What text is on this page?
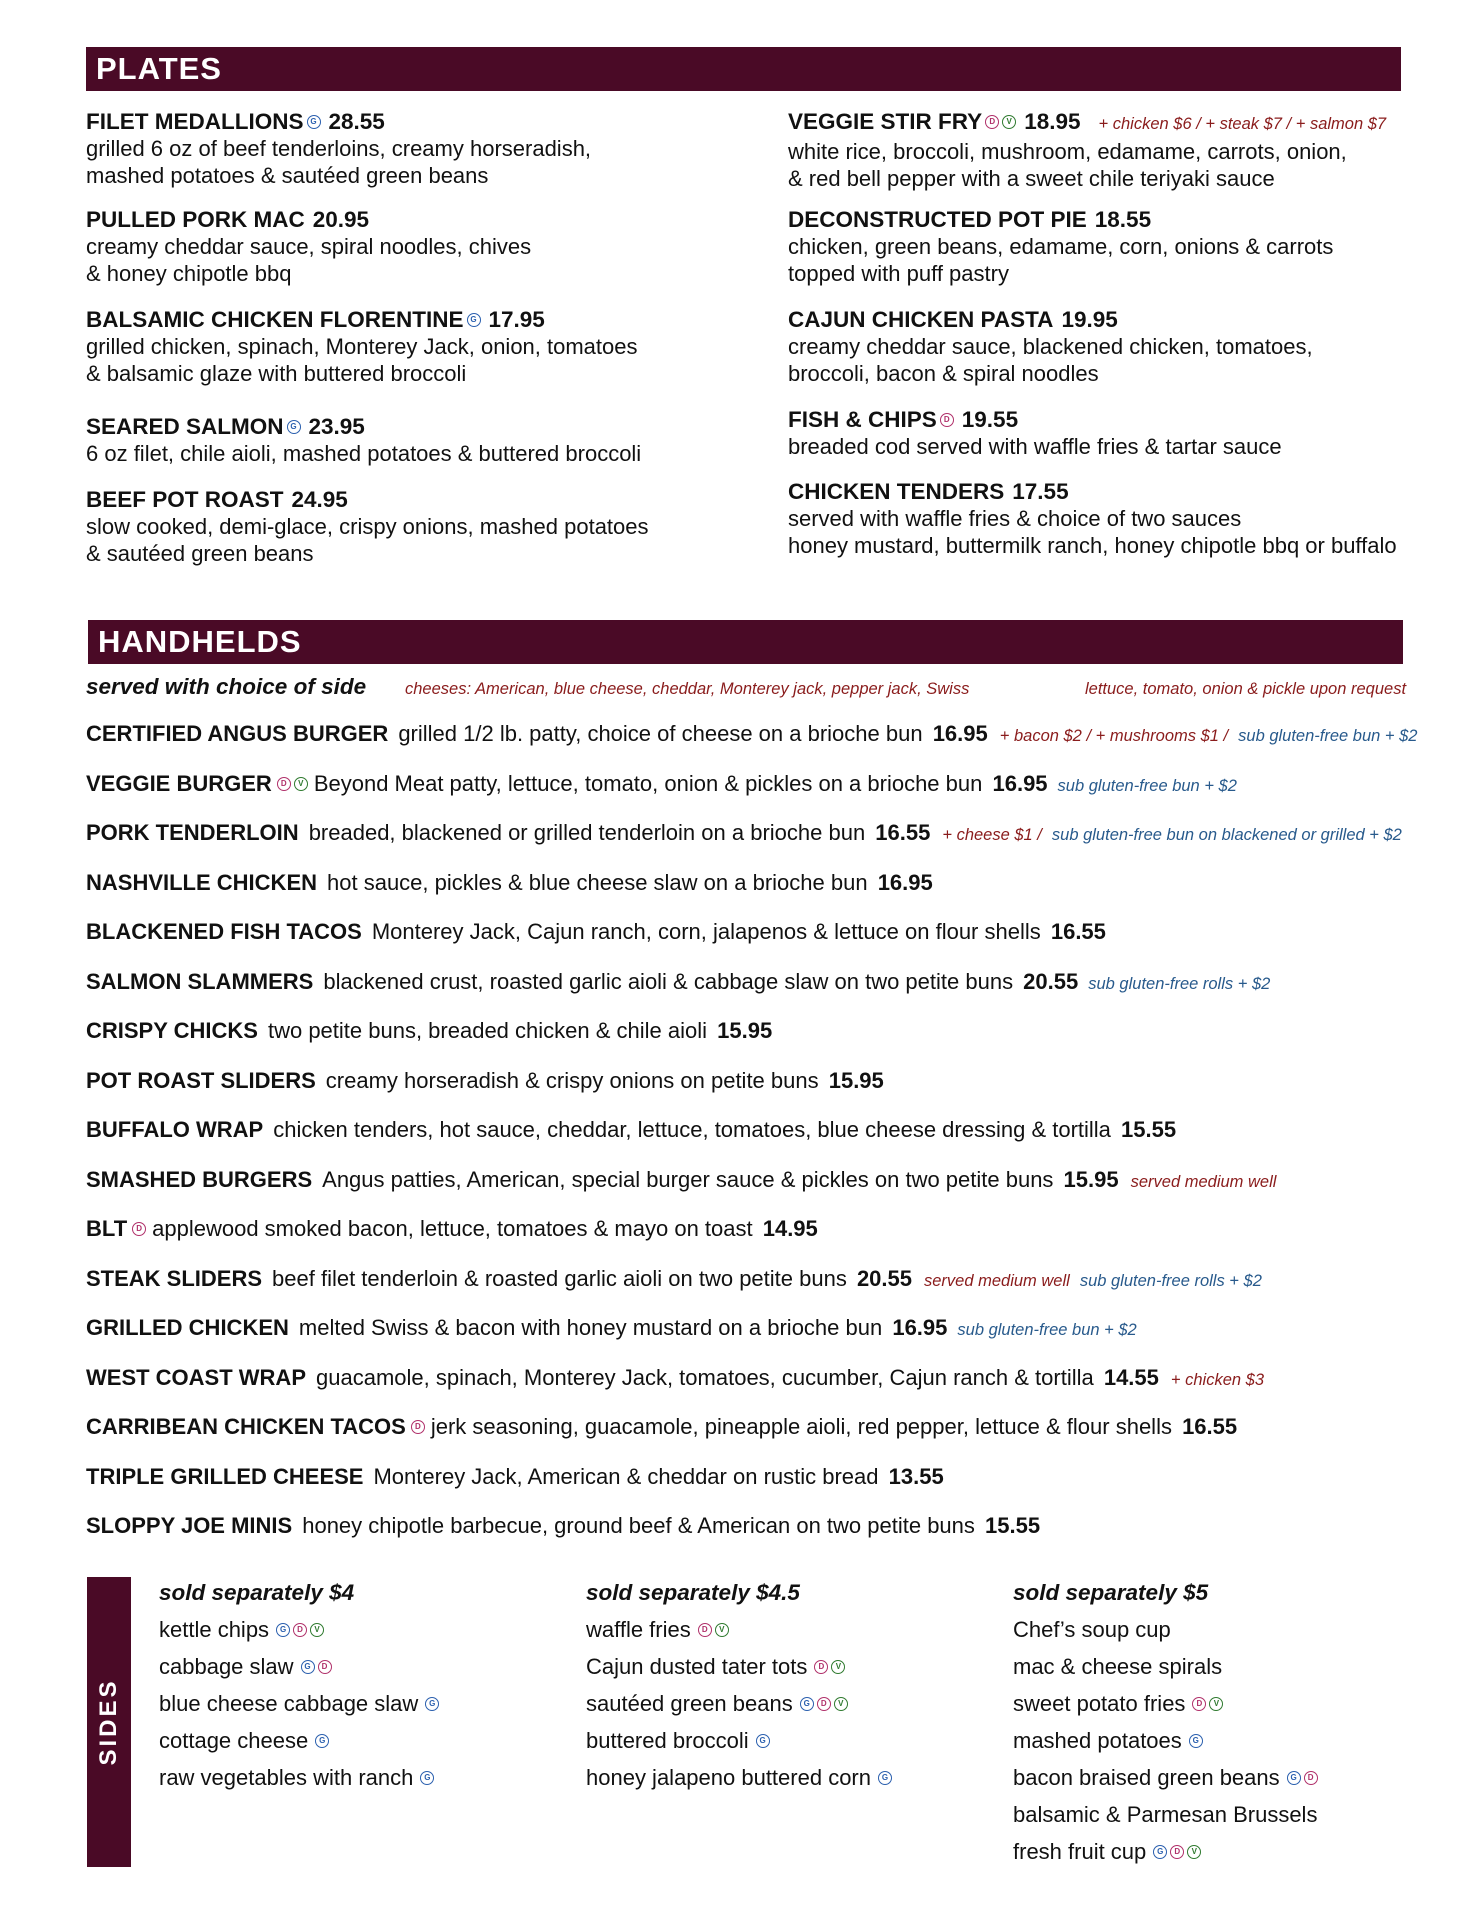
PLATES
FILET MEDALLIONS G 28.55
grilled 6 oz of beef tenderloins, creamy horseradish,
mashed potatoes & sautéed green beans
PULLED PORK MAC 20.95
creamy cheddar sauce, spiral noodles, chives
& honey chipotle bbq
BALSAMIC CHICKEN FLORENTINE G 17.95
grilled chicken, spinach, Monterey Jack, onion, tomatoes
& balsamic glaze with buttered broccoli
SEARED SALMON G 23.95
6 oz filet, chile aioli, mashed potatoes & buttered broccoli
BEEF POT ROAST 24.95
slow cooked, demi-glace, crispy onions, mashed potatoes
& sautéed green beans
VEGGIE STIR FRY D V 18.95 + chicken $6 / + steak $7 / + salmon $7
white rice, broccoli, mushroom, edamame, carrots, onion,
& red bell pepper with a sweet chile teriyaki sauce
DECONSTRUCTED POT PIE 18.55
chicken, green beans, edamame, corn, onions & carrots
topped with puff pastry
CAJUN CHICKEN PASTA 19.95
creamy cheddar sauce, blackened chicken, tomatoes,
broccoli, bacon & spiral noodles
FISH & CHIPS D 19.55
breaded cod served with waffle fries & tartar sauce
CHICKEN TENDERS 17.55
served with waffle fries & choice of two sauces
honey mustard, buttermilk ranch, honey chipotle bbq or buffalo
HANDHELDS
served with choice of side cheeses: American, blue cheese, cheddar, Monterey jack, pepper jack, Swiss	lettuce, tomato, onion & pickle upon request
CERTIFIED ANGUS BURGER grilled 1/2 lb. patty, choice of cheese on a brioche bun 16.95 + bacon $2 / + mushrooms $1 / sub gluten-free bun + $2
VEGGIE BURGER D V Beyond Meat patty, lettuce, tomato, onion & pickles on a brioche bun 16.95 sub gluten-free bun + $2
PORK TENDERLOIN breaded, blackened or grilled tenderloin on a brioche bun 16.55 + cheese $1 / sub gluten-free bun on blackened or grilled + $2
NASHVILLE CHICKEN hot sauce, pickles & blue cheese slaw on a brioche bun 16.95
BLACKENED FISH TACOS Monterey Jack, Cajun ranch, corn, jalapenos & lettuce on flour shells 16.55
SALMON SLAMMERS blackened crust, roasted garlic aioli & cabbage slaw on two petite buns 20.55 sub gluten-free rolls + $2
CRISPY CHICKS two petite buns, breaded chicken & chile aioli 15.95
POT ROAST SLIDERS creamy horseradish & crispy onions on petite buns 15.95
BUFFALO WRAP chicken tenders, hot sauce, cheddar, lettuce, tomatoes, blue cheese dressing & tortilla 15.55
SMASHED BURGERS Angus patties, American, special burger sauce & pickles on two petite buns 15.95 served medium well
BLT D applewood smoked bacon, lettuce, tomatoes & mayo on toast 14.95
STEAK SLIDERS beef filet tenderloin & roasted garlic aioli on two petite buns 20.55 served medium well sub gluten-free rolls + $2
GRILLED CHICKEN melted Swiss & bacon with honey mustard on a brioche bun 16.95 sub gluten-free bun + $2
WEST COAST WRAP guacamole, spinach, Monterey Jack, tomatoes, cucumber, Cajun ranch & tortilla 14.55 + chicken $3
CARRIBEAN CHICKEN TACOS D jerk seasoning, guacamole, pineapple aioli, red pepper, lettuce & flour shells 16.55
TRIPLE GRILLED CHEESE Monterey Jack, American & cheddar on rustic bread 13.55
SLOPPY JOE MINIS honey chipotle barbecue, ground beef & American on two petite buns 15.55
SIDES
sold separately $4
kettle chips G D V
cabbage slaw G D
blue cheese cabbage slaw G
cottage cheese G
raw vegetables with ranch G
sold separately $4.5
waffle fries D V
Cajun dusted tater tots D V
sautéed green beans G D V
buttered broccoli G
honey jalapeno buttered corn G
sold separately $5
Chef’s soup cup
mac & cheese spirals
sweet potato fries D V
mashed potatoes G
bacon braised green beans G D
balsamic & Parmesan Brussels
fresh fruit cup G D V
